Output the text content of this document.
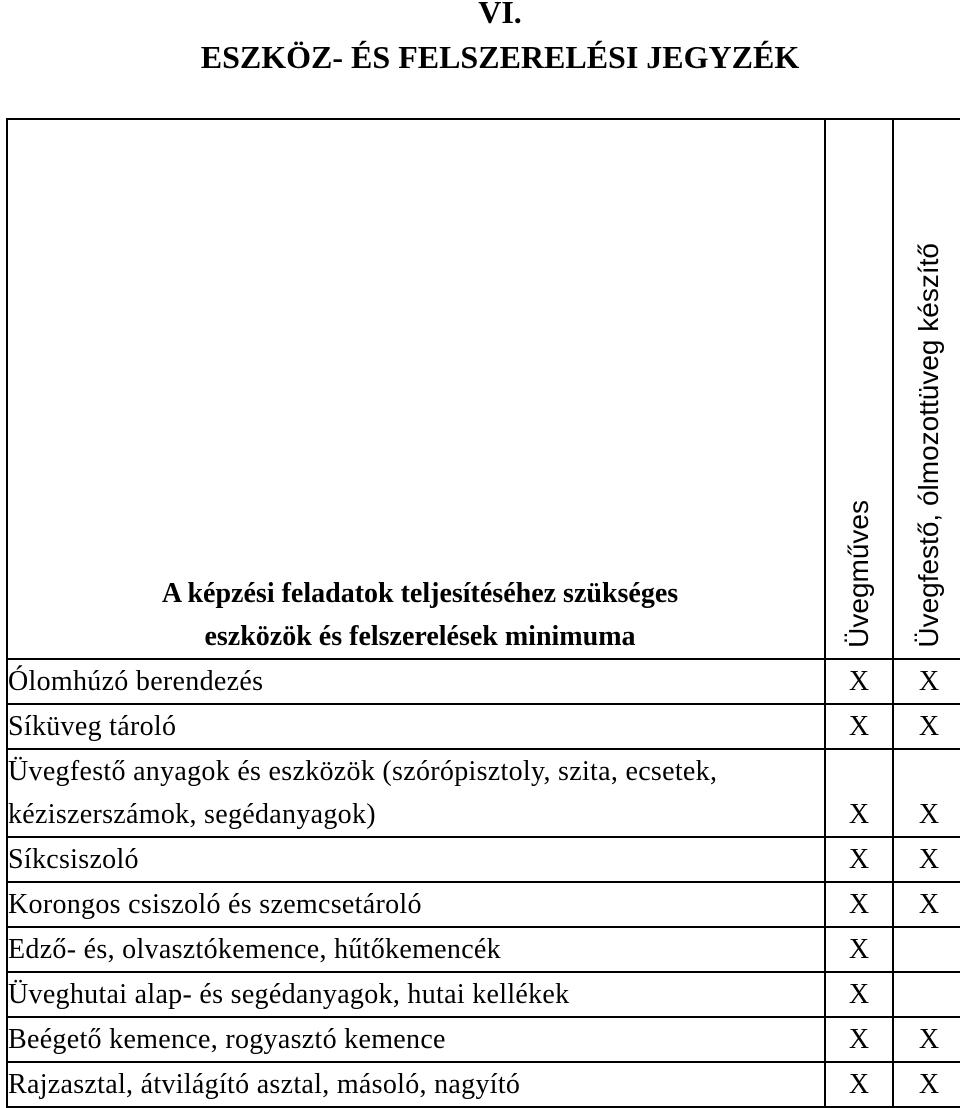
VI.
ESZKÖZ- ÉS FELSZERELÉSI JEGYZÉK
A képzési feladatok teljesítéséhez szükséges
eszközök és felszerelések minimuma	Üvegműves	Üvegfestő, ólmozottüveg készítő

Ólomhúzó berendezés	X	X
Síküveg tároló	X	X
Üvegfestő anyagok és eszközök (szórópisztoly, szita, ecsetek, kéziszerszámok, segédanyagok)	X	X
Síkcsiszoló	X	X
Korongos csiszoló és szemcsetároló	X	X
Edző- és, olvasztókemence, hűtőkemencék	X	
Üveghutai alap- és segédanyagok, hutai kellékek	X	
Beégető kemence, rogyasztó kemence	X	X
Rajzasztal, átvilágító asztal, másoló, nagyító	X	X
